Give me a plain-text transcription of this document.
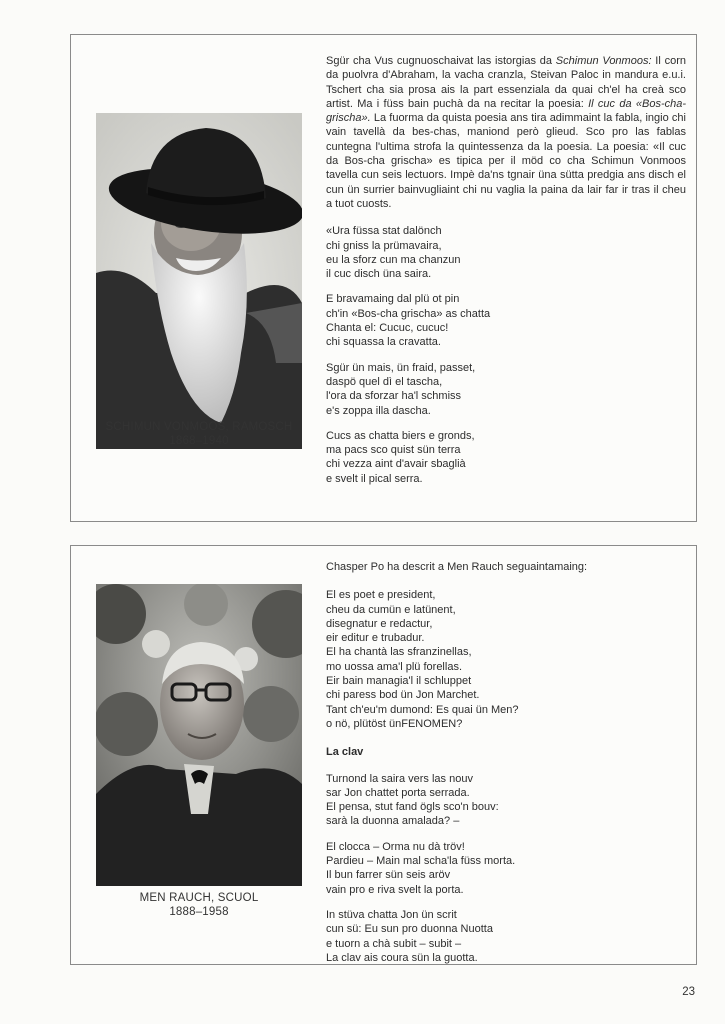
SCHIMUN VONMOOS, RAMOSCH
1868–1940

Sgür cha Vus cugnuoschaivat las istorgias da Schimun Vonmoos: Il corn da puolvra d'Abraham, la vacha cranzla, Steivan Paloc in mandura e.u.i. Tschert cha sia prosa ais la part essenziala da quai ch'el ha creà sco artist. Ma i füss bain puchà da na recitar la poesia: Il cuc da «Bos-cha-grischa». La fuorma da quista poesia ans tira adimmaint la fabla, ingio chi vain tavellà da bes-chas, maniond però glieud. Sco pro las fablas cuntegna l'ultima strofa la quintessenza da la poesia. La poesia: «Il cuc da Bos-cha grischa» es tipica per il möd co cha Schimun Vonmoos tavella cun seis lectuors. Impè da'ns tgnair üna sütta predgia ans disch el cun ün surrier bainvugliaint chi nu vaglia la paina da lair far ir tras il cheu a tuot cuosts.

«Ura füssa stat dalönch
chi gniss la prümavaira,
eu la sforz cun ma chanzun
il cuc disch üna saira.
E bravamaing dal plü ot pin
ch'in «Bos-cha grischa» as chatta
Chanta el: Cucuc, cucuc!
chi squassa la cravatta.
Sgür ün mais, ün fraid, passet,
daspö quel dì el tascha,
l'ora da sforzar ha'l schmiss
e's zoppa illa dascha.
Cucs as chatta biers e gronds,
ma pacs sco quist sün terra
chi vezza aint d'avair sbaglià
e svelt il pical serra.
MEN RAUCH, SCUOL
1888–1958
Chasper Po ha descrit a Men Rauch seguaintamaing:
El es poet e president,
cheu da cumün e latünent,
disegnatur e redactur,
eir editur e trubadur.
El ha chantà las sfranzinellas,
mo uossa ama'l plü forellas.
Eir bain managia'l il schluppet
chi paress bod ün Jon Marchet.
Tant ch'eu'm dumond: Es quai ün Men?
o nö, plütöst ünFENOMEN?
La clav
Turnond la saira vers las nouv
sar Jon chattet porta serrada.
El pensa, stut fand ögls sco'n bouv:
sarà la duonna amalada? –
El clocca – Orma nu dà tröv!
Pardieu – Main mal scha'la füss morta.
Il bun farrer sün seis aröv
vain pro e riva svelt la porta.
In stüva chatta Jon ün scrit
cun sü: Eu sun pro duonna Nuotta
e tuorn a chà subit – subit –
La clav ais coura sün la guotta.
23
